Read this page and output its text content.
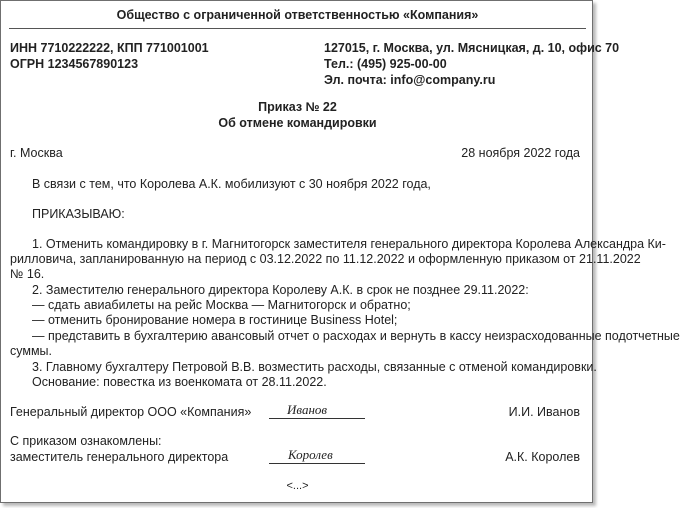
Общество с ограниченной ответственностью «Компания»
ИНН 7710222222, КПП 771001001
ОГРН 1234567890123
127015, г. Москва, ул. Мясницкая, д. 10, офис 70
Тел.: (495) 925-00-00
Эл. почта: info@company.ru
Приказ № 22
Об отмене командировки
г. Москва	28 ноября 2022 года
В связи с тем, что Королева А.К. мобилизуют с 30 ноября 2022 года,
ПРИКАЗЫВАЮ:
1. Отменить командировку в г. Магнитогорск заместителя генерального директора Королева Александра Ки-
рилловича, запланированную на период с 03.12.2022 по 11.12.2022 и оформленную приказом от 21.11.2022
№ 16.
2. Заместителю генерального директора Королеву А.К. в срок не позднее 29.11.2022:
— сдать авиабилеты на рейс Москва — Магнитогорск и обратно;
— отменить бронирование номера в гостинице Business Hotel;
— представить в бухгалтерию авансовый отчет о расходах и вернуть в кассу неизрасходованные подотчетные
суммы.
3. Главному бухгалтеру Петровой В.В. возместить расходы, связанные с отменой командировки.
Основание: повестка из военкомата от 28.11.2022.
Генеральный директор ООО «Компания»	Иванов	И.И. Иванов
С приказом ознакомлены:
заместитель генерального директора	Королев	А.К. Королев
<...>
